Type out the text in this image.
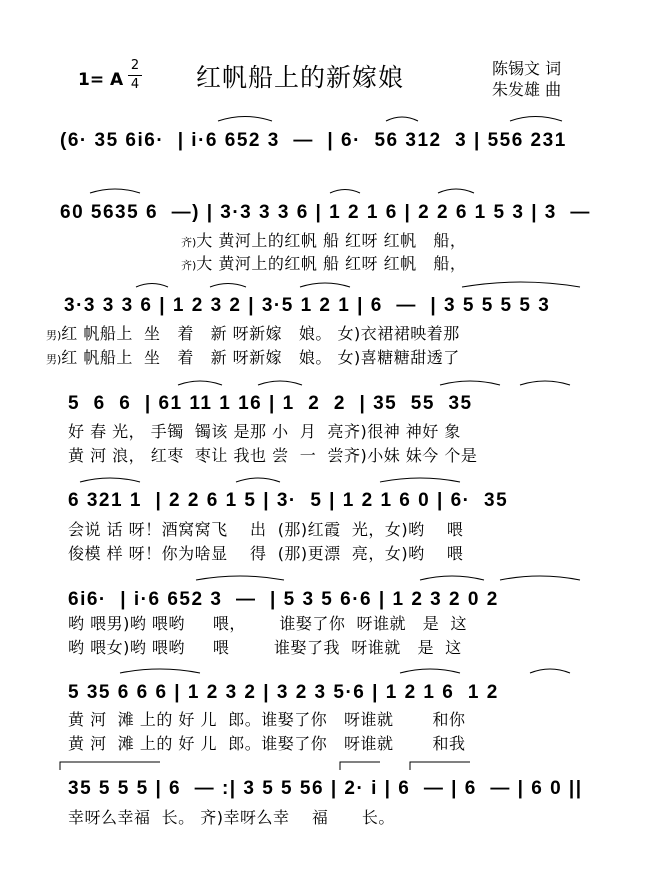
1= A
2
4 红帆船上的新嫁娘	陈锡文 词
朱发雄 曲
(6· 35 6i6·  | i·6 652 3  —  | 6·  56 312  3 | 556 231
60 5635 6  —) | 3·3 3 3 6 | 1 2 1 6 | 2 2 6 1 5 3 | 3  —
齐)大 黄河上的红帆 船 红呀 红帆   船，
齐)大 黄河上的红帆 船 红呀 红帆   船，
3·3 3 3 6 | 1 2 3 2 | 3·5 1 2 1 | 6  —  | 3 5 5 5 5 3
男)红 帆船上  坐   着   新 呀新嫁   娘。 女)衣裙裙映着那
男)红 帆船上  坐   着   新 呀新嫁   娘。 女)喜糖糖甜透了
5  6  6  | 61 11 1 16 | 1  2  2  | 35  55  35
好 春 光， 手镯  镯该 是那 小  月  亮齐)很神 神好 象
黄 河 浪， 红枣  枣让 我也 尝  一  尝齐)小妹 妹今 个是
6 321 1  | 2 2 6 1 5 | 3·  5 | 1 2 1 6 0 | 6·  35
会说 话 呀！酒窝窝飞    出  (那)红霞  光，女)哟    喂
俊模 样 呀！你为啥显    得  (那)更漂  亮，女)哟    喂
6i6·  | i·6 652 3  —  | 5 3 5 6·6 | 1 2 3 2 0 2
哟 喂男)哟 喂哟     喂，      谁娶了你  呀谁就   是  这
哟 喂女)哟 喂哟     喂        谁娶了我  呀谁就   是  这
5 35 6 6 6 | 1 2 3 2 | 3 2 3 5·6 | 1 2 1 6  1 2
黄 河  滩 上的 好 儿  郎。谁娶了你   呀谁就       和你
黄 河  滩 上的 好 儿  郎。谁娶了你   呀谁就       和我
35 5 5 5 | 6  — :| 3 5 5 56 | 2· i | 6  — | 6  — | 6 0 ||
幸呀么幸福  长。 齐)幸呀么幸    福      长。
